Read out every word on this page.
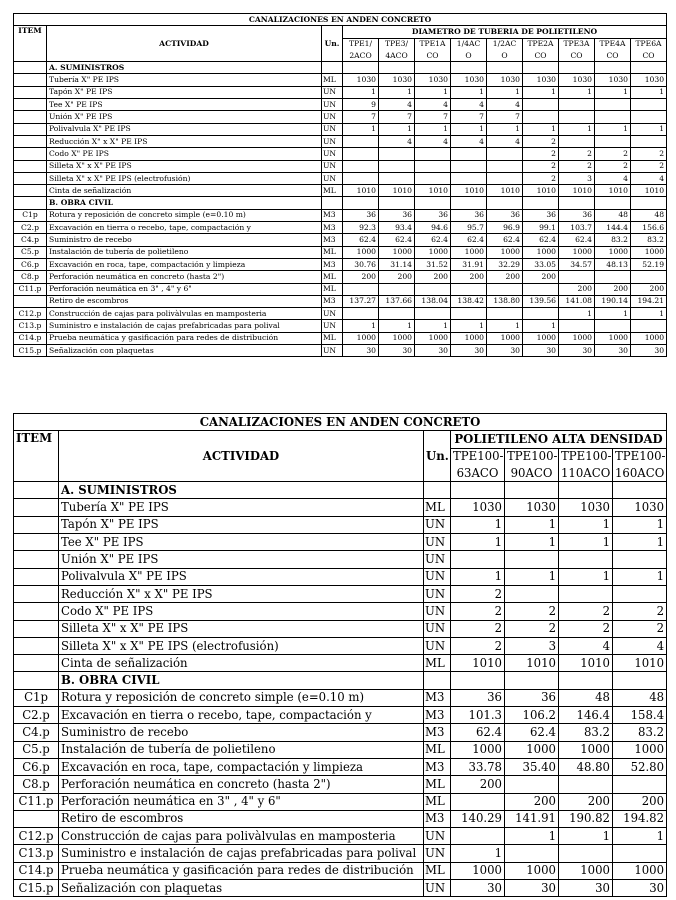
CANALIZACIONES EN ANDEN CONCRETO											
ITEM	ACTIVIDAD	Un.	DIAMETRO DE TUBERIA DE POLIETILENO								
			TPE1/	TPE3/	TPE1A	1/4AC	1/2AC	TPE2A	TPE3A	TPE4A	TPE6A
			2ACO	4ACO	CO	O	O	CO	CO	CO	CO
	A. SUMINISTROS										
	Tubería X" PE IPS	ML	1030	1030	1030	1030	1030	1030	1030	1030	1030
	Tapón X" PE IPS	UN	1	1	1	1	1	1	1	1	1
	Tee X" PE IPS	UN	9	4	4	4	4				
	Unión X" PE IPS	UN	7	7	7	7	7				
	Polivalvula X" PE IPS	UN	1	1	1	1	1	1	1	1	1
	Reducción X" x X" PE IPS	UN		4	4	4	4	2			
	Codo X" PE IPS	UN						2	2	2	2
	Silleta X" x X" PE IPS	UN						2	2	2	2
	Silleta X" x X" PE IPS (electrofusión)	UN						2	3	4	4
	Cinta de señalización	ML	1010	1010	1010	1010	1010	1010	1010	1010	1010
	B. OBRA CIVIL										
C1p	Rotura y reposición de concreto simple (e=0.10 m)	M3	36	36	36	36	36	36	36	48	48
C2.p	Excavación en tierra o recebo, tape, compactación y	M3	92.3	93.4	94.6	95.7	96.9	99.1	103.7	144.4	156.6
C4.p	Suministro de recebo	M3	62.4	62.4	62.4	62.4	62.4	62.4	62.4	83.2	83.2
C5.p	Instalación de tubería de polietileno	ML	1000	1000	1000	1000	1000	1000	1000	1000	1000
C6.p	Excavación en roca, tape, compactación y limpieza	M3	30.76	31.14	31.52	31.91	32.29	33.05	34.57	48.13	52.19
C8.p	Perforación neumática en concreto (hasta 2")	ML	200	200	200	200	200	200			
C11.p	Perforación neumática en 3" , 4" y 6"	ML							200	200	200
	Retiro de escombros	M3	137.27	137.66	138.04	138.42	138.80	139.56	141.08	190.14	194.21
C12.p	Construcción de cajas para polivàlvulas en mamposteria	UN							1	1	1
C13.p	Suministro e instalación de cajas prefabricadas para polival	UN	1	1	1	1	1	1			
C14.p	Prueba neumática y gasificación para redes de distribución	ML	1000	1000	1000	1000	1000	1000	1000	1000	1000
C15.p	Señalización con plaquetas	UN	30	30	30	30	30	30	30	30	30
CANALIZACIONES EN ANDEN CONCRETO						
ITEM	ACTIVIDAD	Un.	POLIETILENO ALTA DENSIDAD			
			TPE100-	TPE100-	TPE100-	TPE100-
			63ACO	90ACO	110ACO	160ACO
	A. SUMINISTROS					
	Tubería X" PE IPS	ML	1030	1030	1030	1030
	Tapón X" PE IPS	UN	1	1	1	1
	Tee X" PE IPS	UN	1	1	1	1
	Unión X" PE IPS	UN				
	Polivalvula X" PE IPS	UN	1	1	1	1
	Reducción X" x X" PE IPS	UN	2			
	Codo X" PE IPS	UN	2	2	2	2
	Silleta X" x X" PE IPS	UN	2	2	2	2
	Silleta X" x X" PE IPS (electrofusión)	UN	2	3	4	4
	Cinta de señalización	ML	1010	1010	1010	1010
	B. OBRA CIVIL					
C1p	Rotura y reposición de concreto simple (e=0.10 m)	M3	36	36	48	48
C2.p	Excavación en tierra o recebo, tape, compactación y	M3	101.3	106.2	146.4	158.4
C4.p	Suministro de recebo	M3	62.4	62.4	83.2	83.2
C5.p	Instalación de tubería de polietileno	ML	1000	1000	1000	1000
C6.p	Excavación en roca, tape, compactación y limpieza	M3	33.78	35.40	48.80	52.80
C8.p	Perforación neumática en concreto (hasta 2")	ML	200			
C11.p	Perforación neumática en 3" , 4" y 6"	ML		200	200	200
	Retiro de escombros	M3	140.29	141.91	190.82	194.82
C12.p	Construcción de cajas para polivàlvulas en mamposteria	UN		1	1	1
C13.p	Suministro e instalación de cajas prefabricadas para polival	UN	1			
C14.p	Prueba neumática y gasificación para redes de distribución	ML	1000	1000	1000	1000
C15.p	Señalización con plaquetas	UN	30	30	30	30
